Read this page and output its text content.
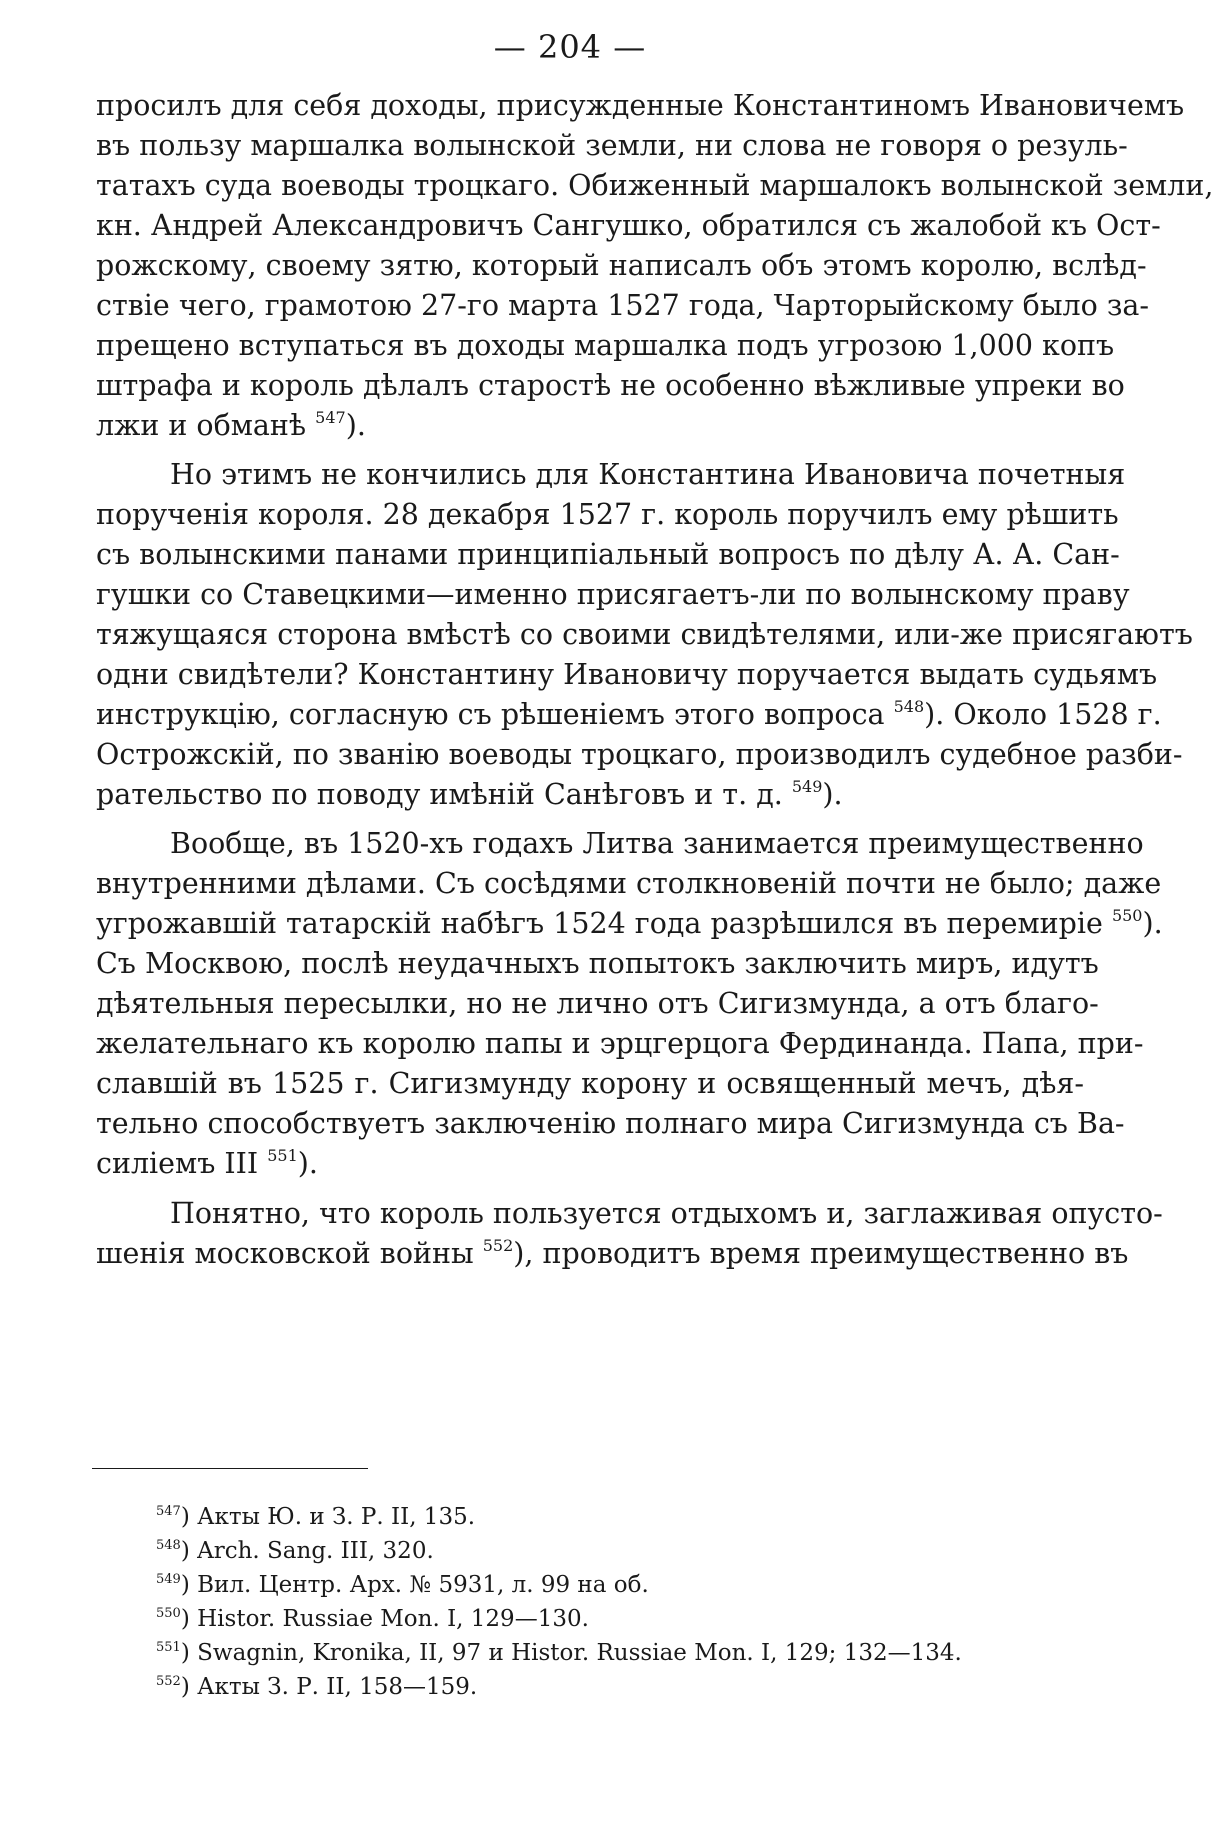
— 204 —
просилъ для себя доходы, присужденные Константиномъ Ивановичемъ
въ пользу маршалка волынской земли, ни слова не говоря о резуль-
татахъ суда воеводы троцкаго. Обиженный маршалокъ волынской земли,
кн. Андрей Александровичъ Сангушко, обратился съ жалобой къ Ост-
рожскому, своему зятю, который написалъ объ этомъ королю, вслѣд-
ствіе чего, грамотою 27-го марта 1527 года, Чарторыйскому было за-
прещено вступаться въ доходы маршалка подъ угрозою 1,000 копъ
штрафа и король дѣлалъ старостѣ не особенно вѣжливые упреки во
лжи и обманѣ $^{547}$).
Но этимъ не кончились для Константина Ивановича почетныя
порученія короля. 28 декабря 1527 г. король поручилъ ему рѣшить
съ волынскими панами принципіальный вопросъ по дѣлу А. А. Сан-
гушки со Ставецкими—именно присягаетъ-ли по волынскому праву
тяжущаяся сторона вмѣстѣ со своими свидѣтелями, или-же присягаютъ
одни свидѣтели? Константину Ивановичу поручается выдать судьямъ
инструкцію, согласную съ рѣшеніемъ этого вопроса $^{548}$). Около 1528 г.
Острожскій, по званію воеводы троцкаго, производилъ судебное разби-
рательство по поводу имѣній Санѣговъ и т. д. $^{549}$).
Вообще, въ 1520-хъ годахъ Литва занимается преимущественно
внутренними дѣлами. Съ сосѣдями столкновеній почти не было; даже
угрожавшій татарскій набѣгъ 1524 года разрѣшился въ перемиріе $^{550}$).
Съ Москвою, послѣ неудачныхъ попытокъ заключить миръ, идутъ
дѣятельныя пересылки, но не лично отъ Сигизмунда, а отъ благо-
желательнаго къ королю папы и эрцгерцога Фердинанда. Папа, при-
славшій въ 1525 г. Сигизмунду корону и освященный мечъ, дѣя-
тельно способствуетъ заключенію полнаго мира Сигизмунда съ Ва-
силіемъ III $^{551}$).
Понятно, что король пользуется отдыхомъ и, заглаживая опусто-
шенія московской войны $^{552}$), проводитъ время преимущественно въ
$^{547}$) Акты Ю. и З. Р. II, 135.
$^{548}$) Arch. Sang. III, 320.
$^{549}$) Вил. Центр. Арх. № 5931, л. 99 на об.
$^{550}$) Histor. Russiae Mon. I, 129—130.
$^{551}$) Swagnin, Kronika, II, 97 и Histor. Russiae Mon. I, 129; 132—134.
$^{552}$) Акты З. Р. II, 158—159.
